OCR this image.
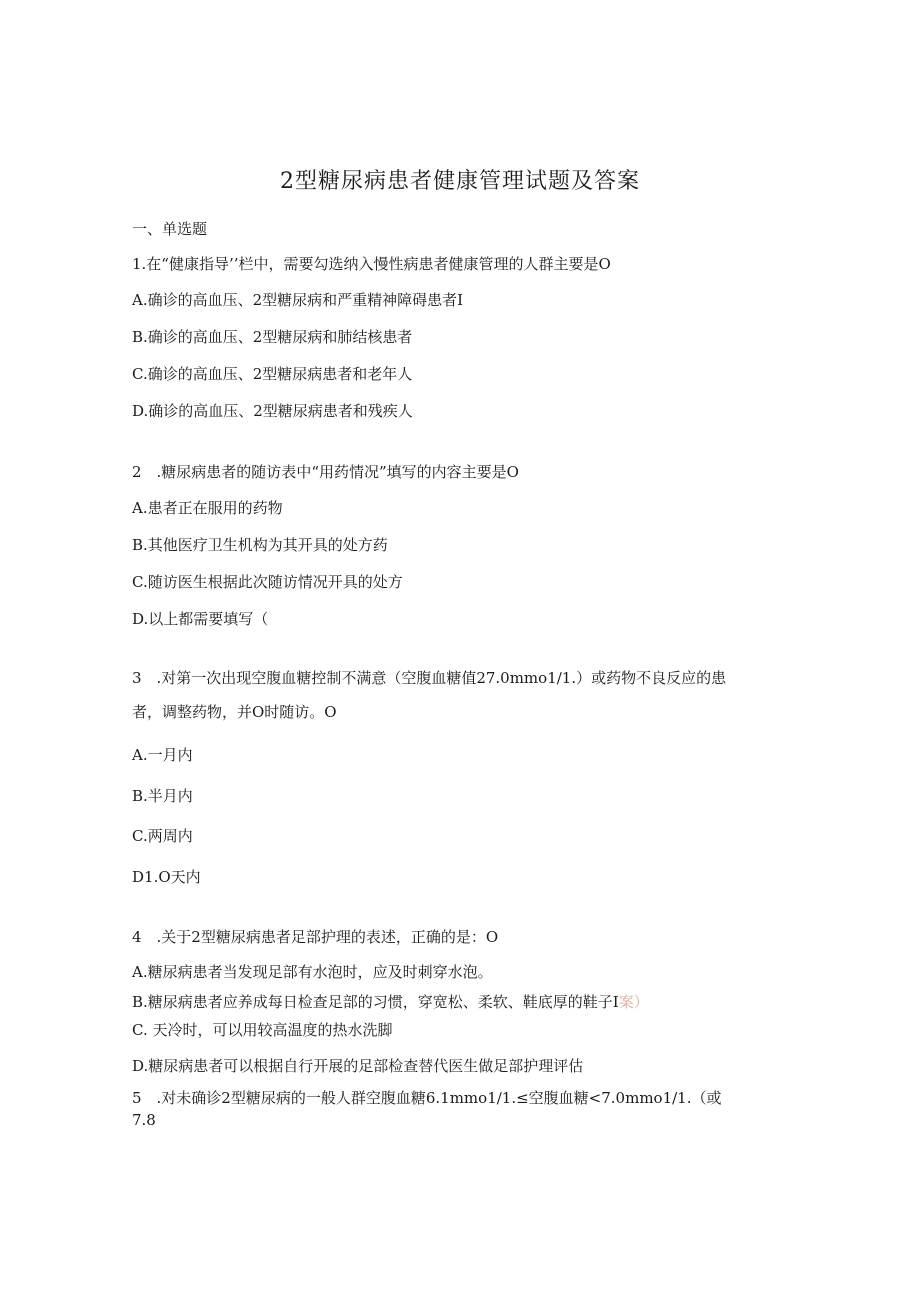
2型糖尿病患者健康管理试题及答案
一、单选题
1.在“健康指导’’栏中，需要勾选纳入慢性病患者健康管理的人群主要是O
A.确诊的高血压、2型糖尿病和严重精神障碍患者I
B.确诊的高血压、2型糖尿病和肺结核患者
C.确诊的高血压、2型糖尿病患者和老年人
D.确诊的高血压、2型糖尿病患者和残疾人
2　.糖尿病患者的随访表中“用药情况”填写的内容主要是O
A.患者正在服用的药物
B.其他医疗卫生机构为其开具的处方药
C.随访医生根据此次随访情况开具的处方
D.以上都需要填写（
3　.对第一次出现空腹血糖控制不满意（空腹血糖值27.0mmo1∕1.）或药物不良反应的患
者，调整药物，并O时随访。O
A.一月内
B.半月内
C.两周内
D1.O天内
4　.关于2型糖尿病患者足部护理的表述，正确的是：O
A.糖尿病患者当发现足部有水泡时，应及时刺穿水泡。
B.糖尿病患者应养成每日检查足部的习惯，穿宽松、柔软、鞋底厚的鞋子I案）
C. 天冷时，可以用较高温度的热水洗脚
D.糖尿病患者可以根据自行开展的足部检查替代医生做足部护理评估
5　.对未确诊2型糖尿病的一般人群空腹血糖6.1mmo1∕1.≤空腹血糖<7.0mmo1∕1.（或
7.8
